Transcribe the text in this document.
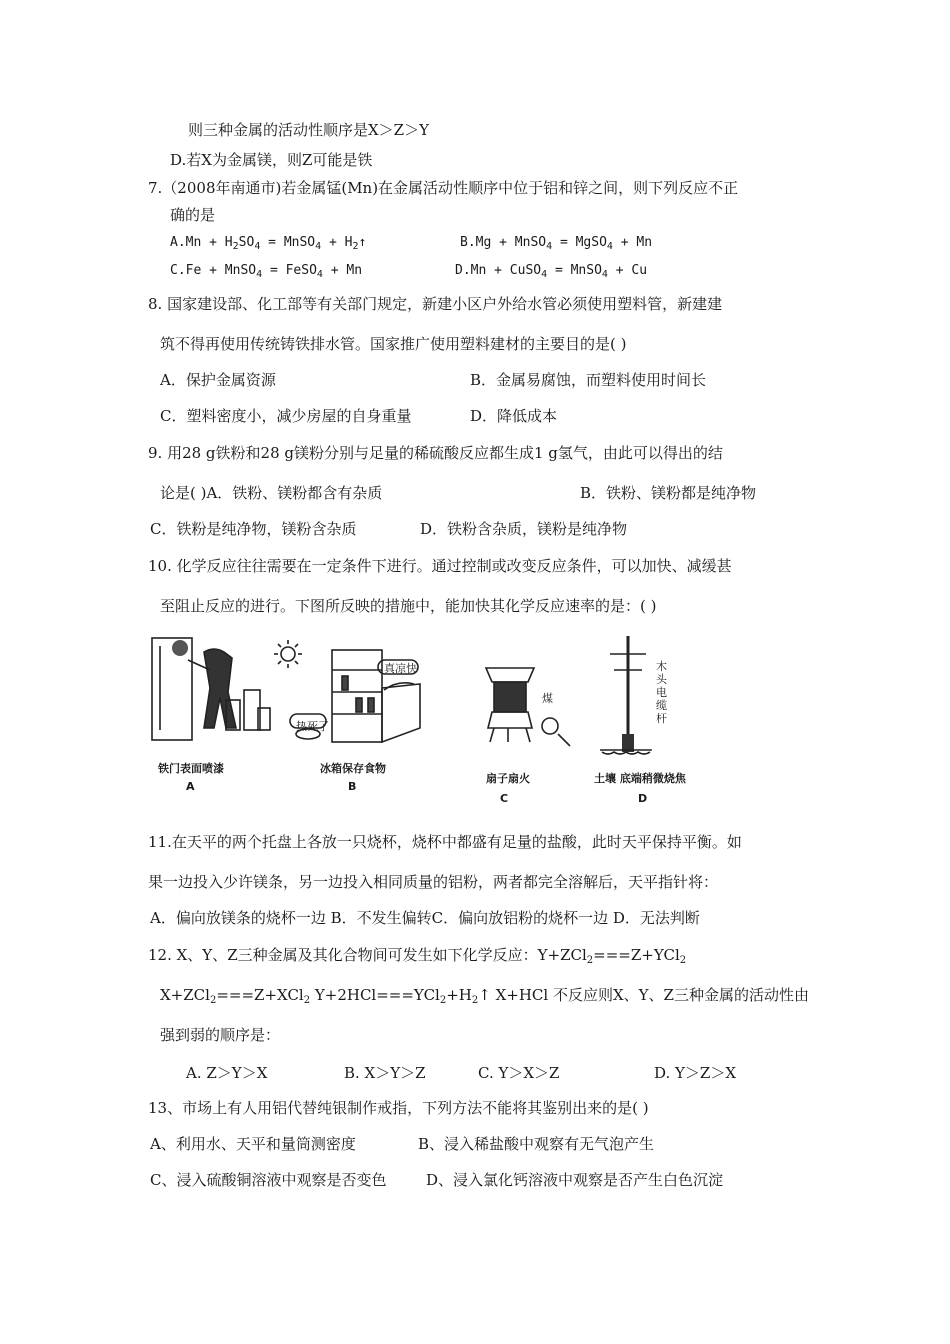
则三种金属的活动性顺序是X＞Z＞Y
D.若X为金属镁，则Z可能是铁
7.（2008年南通市)若金属锰(Mn)在金属活动性顺序中位于铝和锌之间，则下列反应不正
确的是
$A.Mn + H_2SO_4$ = MnSO$_4$ + $H_2↑$	B.Mg + MnSO$_4$ = MgSO$_4$ + Mn
C.Fe + MnSO$_4$ = FeSO$_4$ + Mn	D.Mn + CuSO$_4$ = MnSO$_4$ + Cu
8. 国家建设部、化工部等有关部门规定，新建小区户外给水管必须使用塑料管，新建建
筑不得再使用传统铸铁排水管。国家推广使用塑料建材的主要目的是( )
A．保护金属资源	B．金属易腐蚀，而塑料使用时间长
C．塑料密度小，减少房屋的自身重量	D．降低成本
9. 用28 g铁粉和28 g镁粉分别与足量的稀硫酸反应都生成1 g氢气，由此可以得出的结
论是( )A．铁粉、镁粉都含有杂质	B．铁粉、镁粉都是纯净物
C．铁粉是纯净物，镁粉含杂质	D．铁粉含杂质，镁粉是纯净物
10. 化学反应往往需要在一定条件下进行。通过控制或改变反应条件，可以加快、减缓甚
至阻止反应的进行。下图所反映的措施中，能加快其化学反应速率的是：( )
热死了
真凉快
煤
木头电缆杆
铁门表面喷漆
A
冰箱保存食物
B
扇子扇火
C
土壤 底端稍微烧焦
D
11.在天平的两个托盘上各放一只烧杯，烧杯中都盛有足量的盐酸，此时天平保持平衡。如
果一边投入少许镁条，另一边投入相同质量的铝粉，两者都完全溶解后，天平指针将：
A．偏向放镁条的烧杯一边 B．不发生偏转C．偏向放铝粉的烧杯一边 D．无法判断
12. X、Y、Z三种金属及其化合物间可发生如下化学反应：Y+ZCl$_2$===Z+YCl$_2$
X+ZCl$_2$===Z+XCl$_2$ $Y+2HCl===YCl_2+H_2↑$ X+HCl 不反应则X、Y、Z三种金属的活动性由
强到弱的顺序是：
A. Z＞Y＞X	B. X＞Y＞Z	C. Y＞X＞Z	D. Y＞Z＞X
13、市场上有人用铝代替纯银制作戒指，下列方法不能将其鉴别出来的是( )
A、利用水、天平和量筒测密度	B、浸入稀盐酸中观察有无气泡产生
C、浸入硫酸铜溶液中观察是否变色	D、浸入氯化钙溶液中观察是否产生白色沉淀
